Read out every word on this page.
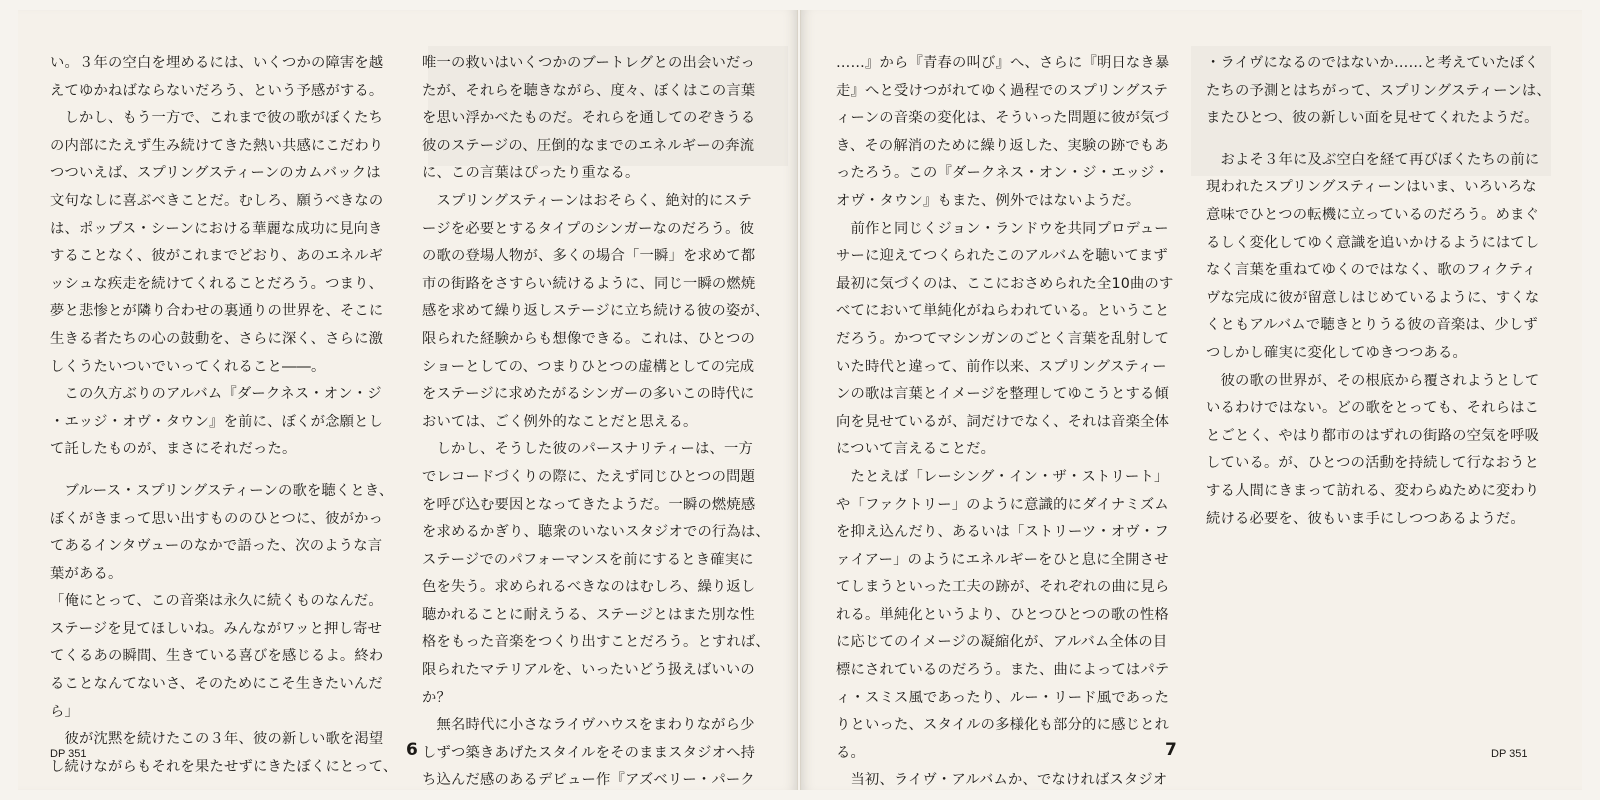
い。３年の空白を埋めるには、いくつかの障害を越

えてゆかねばならないだろう、という予感がする。

　しかし、もう一方で、これまで彼の歌がぼくたち

の内部にたえず生み続けてきた熱い共感にこだわり

つついえば、スプリングスティーンのカムバックは

文句なしに喜ぶべきことだ。むしろ、願うべきなの

は、ポップス・シーンにおける華麗な成功に見向き

することなく、彼がこれまでどおり、あのエネルギ

ッシュな疾走を続けてくれることだろう。つまり、

夢と悲惨とが隣り合わせの裏通りの世界を、そこに

生きる者たちの心の鼓動を、さらに深く、さらに激

しくうたいついでいってくれること――。

　この久方ぶりのアルバム『ダークネス・オン・ジ

・エッジ・オヴ・タウン』を前に、ぼくが念願とし

て託したものが、まさにそれだった。

　ブルース・スプリングスティーンの歌を聴くとき、

ぼくがきまって思い出すもののひとつに、彼がかっ

てあるインタヴューのなかで語った、次のような言

葉がある。

「俺にとって、この音楽は永久に続くものなんだ。

ステージを見てほしいね。みんながワッと押し寄せ

てくるあの瞬間、生きている喜びを感じるよ。終わ

ることなんてないさ、そのためにこそ生きたいんだ

ら」

　彼が沈黙を続けたこの３年、彼の新しい歌を渇望

し続けながらもそれを果たせずにきたぼくにとって、

唯一の救いはいくつかのブートレグとの出会いだっ

たが、それらを聴きながら、度々、ぼくはこの言葉

を思い浮かべたものだ。それらを通してのぞきうる

彼のステージの、圧倒的なまでのエネルギーの奔流

に、この言葉はぴったり重なる。

　スプリングスティーンはおそらく、絶対的にステ

ージを必要とするタイプのシンガーなのだろう。彼

の歌の登場人物が、多くの場合「一瞬」を求めて都

市の街路をさすらい続けるように、同じ一瞬の燃焼

感を求めて繰り返しステージに立ち続ける彼の姿が、

限られた経験からも想像できる。これは、ひとつの

ショーとしての、つまりひとつの虚構としての完成

をステージに求めたがるシンガーの多いこの時代に

おいては、ごく例外的なことだと思える。

　しかし、そうした彼のパースナリティーは、一方

でレコードづくりの際に、たえず同じひとつの問題

を呼び込む要因となってきたようだ。一瞬の燃焼感

を求めるかぎり、聴衆のいないスタジオでの行為は、

ステージでのパフォーマンスを前にするとき確実に

色を失う。求められるべきなのはむしろ、繰り返し

聴かれることに耐えうる、ステージとはまた別な性

格をもった音楽をつくり出すことだろう。とすれば、

限られたマテリアルを、いったいどう扱えばいいの

か？

　無名時代に小さなライヴハウスをまわりながら少

しずつ築きあげたスタイルをそのままスタジオへ持

ち込んだ感のあるデビュー作『アズベリー・パーク

DP 351	6

……』から『青春の叫び』へ、さらに『明日なき暴

走』へと受けつがれてゆく過程でのスプリングステ

ィーンの音楽の変化は、そういった問題に彼が気づ

き、その解消のために繰り返した、実験の跡でもあ

ったろう。この『ダークネス・オン・ジ・エッジ・

オヴ・タウン』もまた、例外ではないようだ。

　前作と同じくジョン・ランドウを共同プロデュー

サーに迎えてつくられたこのアルバムを聴いてまず

最初に気づくのは、ここにおさめられた全10曲のす

べてにおいて単純化がねらわれている。ということ

だろう。かつてマシンガンのごとく言葉を乱射して

いた時代と違って、前作以来、スプリングスティー

ンの歌は言葉とイメージを整理してゆこうとする傾

向を見せているが、詞だけでなく、それは音楽全体

について言えることだ。

　たとえば「レーシング・イン・ザ・ストリート」

や「ファクトリー」のように意識的にダイナミズム

を抑え込んだり、あるいは「ストリーツ・オヴ・フ

ァイアー」のようにエネルギーをひと息に全開させ

てしまうといった工夫の跡が、それぞれの曲に見ら

れる。単純化というより、ひとつひとつの歌の性格

に応じてのイメージの凝縮化が、アルバム全体の目

標にされているのだろう。また、曲によってはパテ

ィ・スミス風であったり、ルー・リード風であった

りといった、スタイルの多様化も部分的に感じとれ

る。

　当初、ライヴ・アルバムか、でなければスタジオ

・ライヴになるのではないか……と考えていたぼく

たちの予測とはちがって、スプリングスティーンは、

またひとつ、彼の新しい面を見せてくれたようだ。

　およそ３年に及ぶ空白を経て再びぼくたちの前に

現われたスプリングスティーンはいま、いろいろな

意味でひとつの転機に立っているのだろう。めまぐ

るしく変化してゆく意識を追いかけるようにはてし

なく言葉を重ねてゆくのではなく、歌のフィクティ

ヴな完成に彼が留意しはじめているように、すくな

くともアルバムで聴きとりうる彼の音楽は、少しず

つしかし確実に変化してゆきつつある。

　彼の歌の世界が、その根底から覆されようとして

いるわけではない。どの歌をとっても、それらはこ

とごとく、やはり都市のはずれの街路の空気を呼吸

している。が、ひとつの活動を持続して行なおうと

する人間にきまって訪れる、変わらぬために変わり

続ける必要を、彼もいま手にしつつあるようだ。

7	DP 351
